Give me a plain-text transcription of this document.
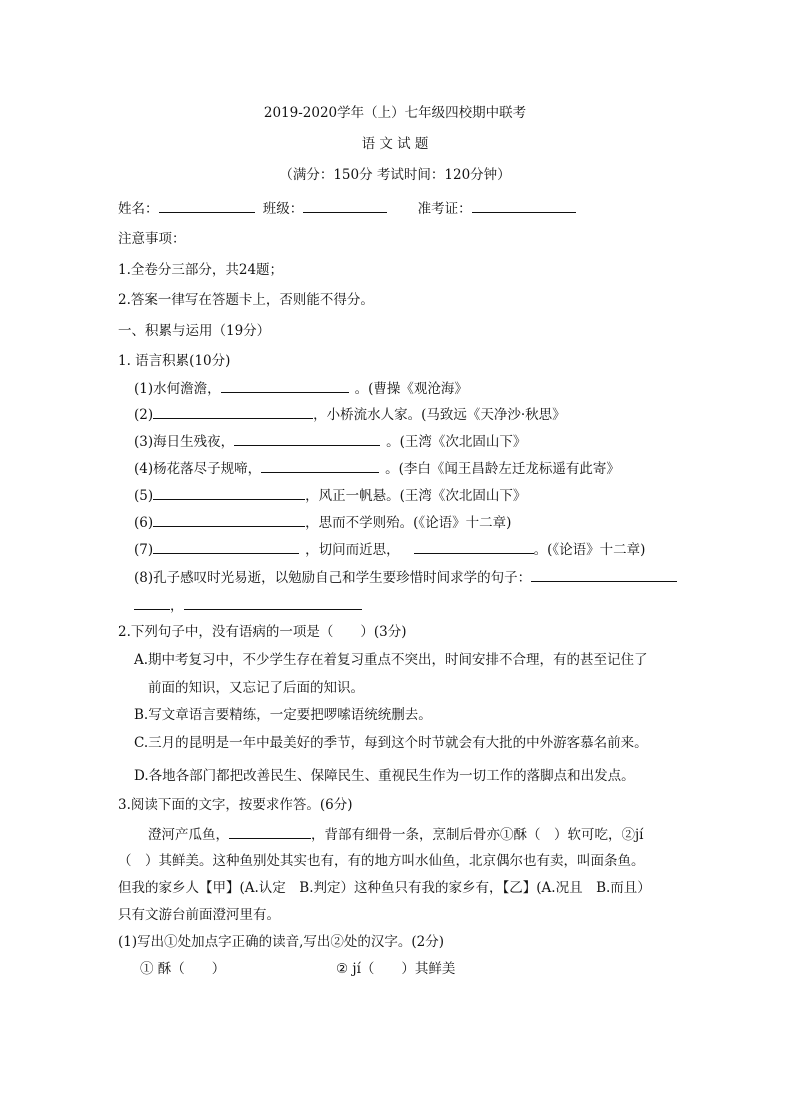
2019-2020学年（上）七年级四校期中联考
语 文 试 题
（满分：150分 考试时间：120分钟）
姓名：	班级：	准考证：
注意事项：
1.全卷分三部分，共24题；
2.答案一律写在答题卡上，否则能不得分。
一、积累与运用（19分）
1. 语言积累(10分)
(1)水何澹澹，	。(曹操《观沧海》
(2)	，小桥流水人家。(马致远《天净沙·秋思》
(3)海日生残夜，	。(王湾《次北固山下》
(4)杨花落尽子规啼，	。(李白《闻王昌龄左迁龙标遥有此寄》
(5)	，风正一帆悬。(王湾《次北固山下》
(6)	，思而不学则殆。(《论语》十二章)
(7)	，切问而近思，	。(《论语》十二章)
(8)孔子感叹时光易逝，以勉励自己和学生要珍惜时间求学的句子：
，
2.下列句子中，没有语病的一项是（　　）(3分)
A.期中考复习中，不少学生存在着复习重点不突出，时间安排不合理，有的甚至记住了
前面的知识，又忘记了后面的知识。
B.写文章语言要精练，一定要把啰嗦语统统删去。
C.三月的昆明是一年中最美好的季节，每到这个时节就会有大批的中外游客慕名前来。
D.各地各部门都把改善民生、保障民生、重视民生作为一切工作的落脚点和出发点。
3.阅读下面的文字，按要求作答。(6分)
澄河产瓜鱼，	，背部有细骨一条，烹制后骨亦①酥（　）软可吃，②jí
（　）其鲜美。这种鱼别处其实也有，有的地方叫水仙鱼，北京偶尔也有卖，叫面条鱼。
但我的家乡人【甲】(A.认定　B.判定）这种鱼只有我的家乡有，【乙】(A.况且　B.而且）
只有文游台前面澄河里有。
(1)写出①处加点字正确的读音,写出②处的汉字。(2分)
① 酥（　　）	② jí（　　）其鲜美
